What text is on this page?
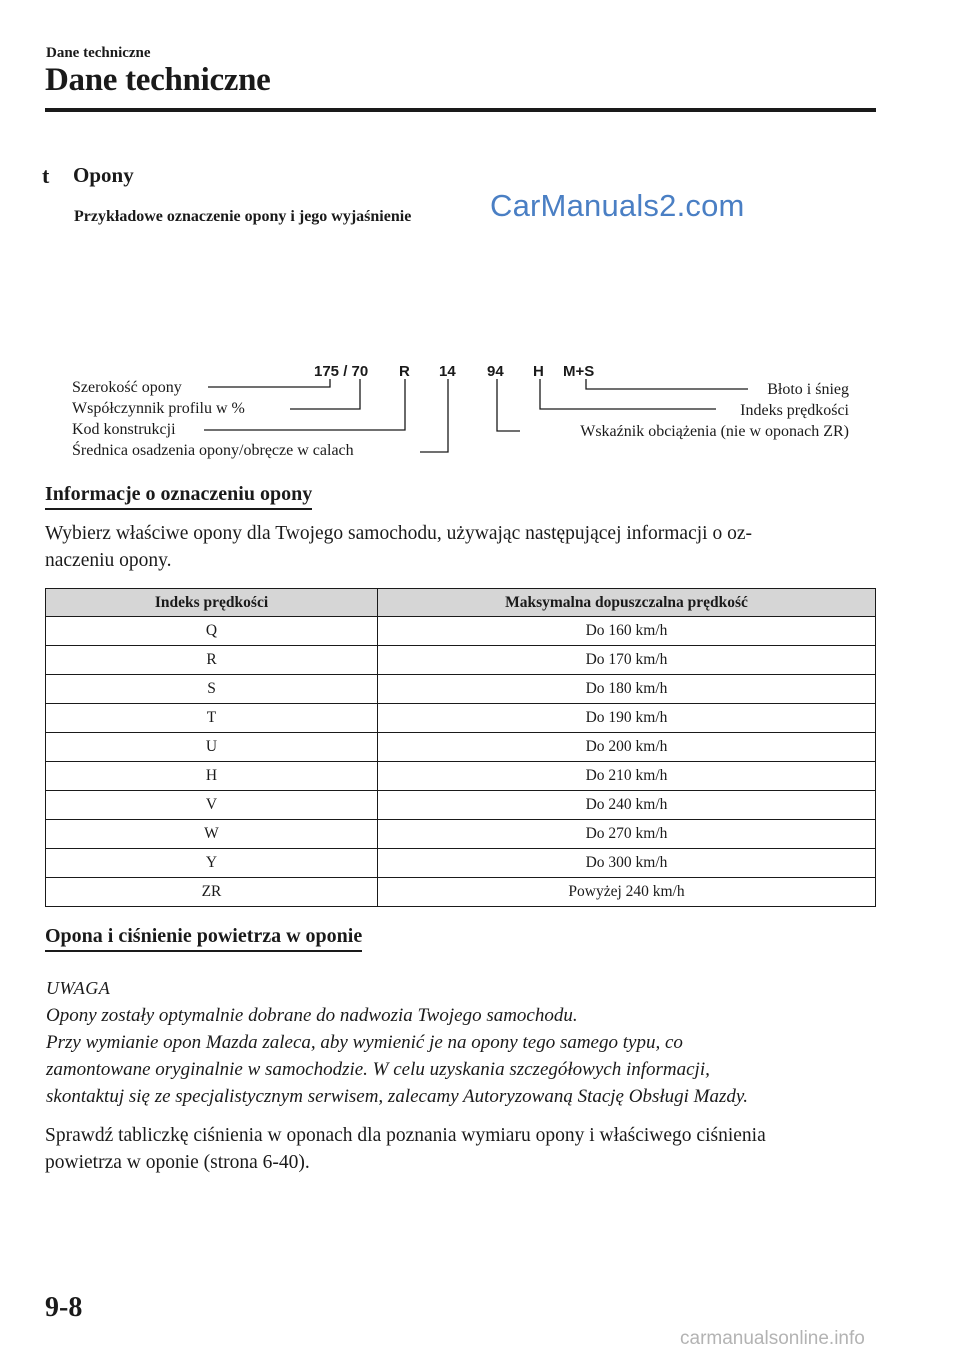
Dane techniczne
Dane techniczne
t Opony
Przykładowe oznaczenie opony i jego wyjaśnienie	CarManuals2.com
175 / 70 R 14 94 H M+S
Szerokość opony
Współczynnik profilu w %
Kod konstrukcji
Średnica osadzenia opony/obręcze w calach
Błoto i śnieg
Indeks prędkości
Wskaźnik obciążenia (nie w oponach ZR)
Informacje o oznaczeniu opony
Wybierz właściwe opony dla Twojego samochodu, używając następującej informacji o oz-
naczeniu opony.
Indeks prędkości	Maksymalna dopuszczalna prędkość
Q	Do 160 km/h
R	Do 170 km/h
S	Do 180 km/h
T	Do 190 km/h
U	Do 200 km/h
H	Do 210 km/h
V	Do 240 km/h
W	Do 270 km/h
Y	Do 300 km/h
ZR	Powyżej 240 km/h
Opona i ciśnienie powietrza w oponie
UWAGA
Opony zostały optymalnie dobrane do nadwozia Twojego samochodu.
Przy wymianie opon Mazda zaleca, aby wymienić je na opony tego samego typu, co
zamontowane oryginalnie w samochodzie. W celu uzyskania szczegółowych informacji,
skontaktuj się ze specjalistycznym serwisem, zalecamy Autoryzowaną Stację Obsługi Mazdy.
Sprawdź tabliczkę ciśnienia w oponach dla poznania wymiaru opony i właściwego ciśnienia
powietrza w oponie (strona 6-40).
9-8
carmanualsonline.info
